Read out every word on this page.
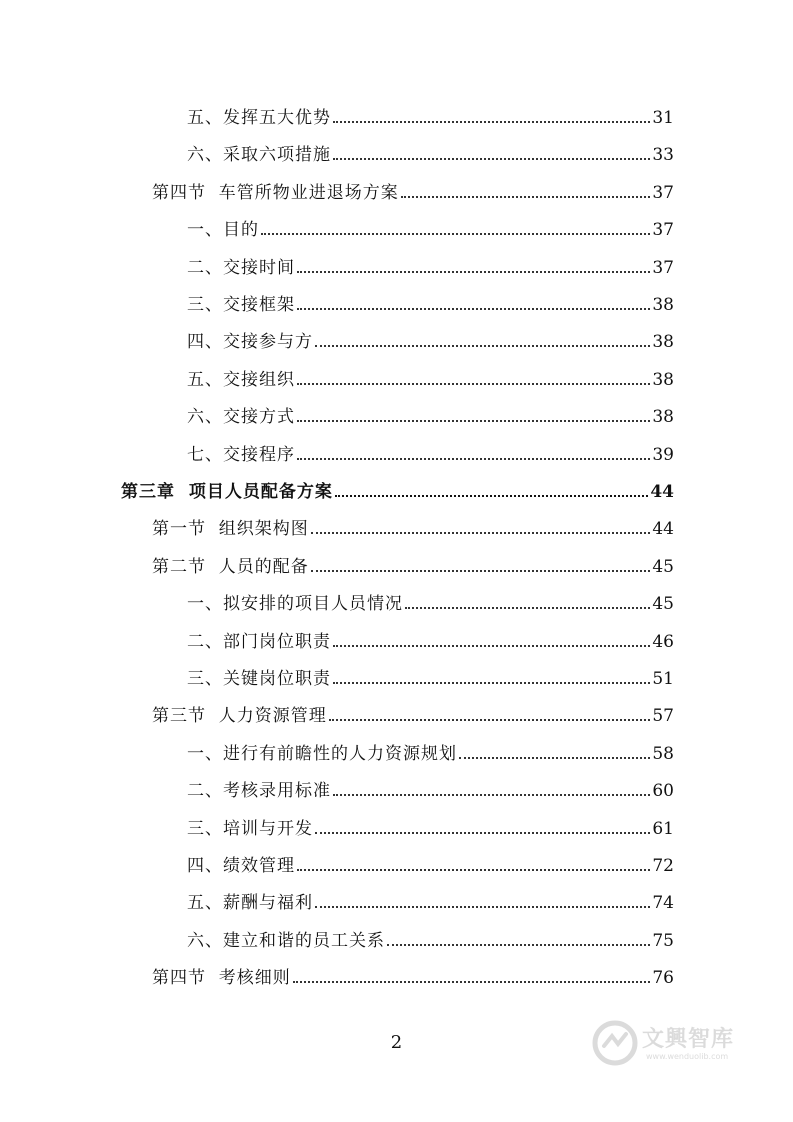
五、发挥五大优势	31
六、采取六项措施	33
第四节  车管所物业进退场方案	37
一、目的	37
二、交接时间	37
三、交接框架	38
四、交接参与方	38
五、交接组织	38
六、交接方式	38
七、交接程序	39
第三章  项目人员配备方案	44
第一节  组织架构图	44
第二节  人员的配备	45
一、拟安排的项目人员情况	45
二、部门岗位职责	46
三、关键岗位职责	51
第三节  人力资源管理	57
一、进行有前瞻性的人力资源规划	58
二、考核录用标准	60
三、培训与开发	61
四、绩效管理	72
五、薪酬与福利	74
六、建立和谐的员工关系	75
第四节  考核细则	76
2	文興智库
www.wenduolib.com
